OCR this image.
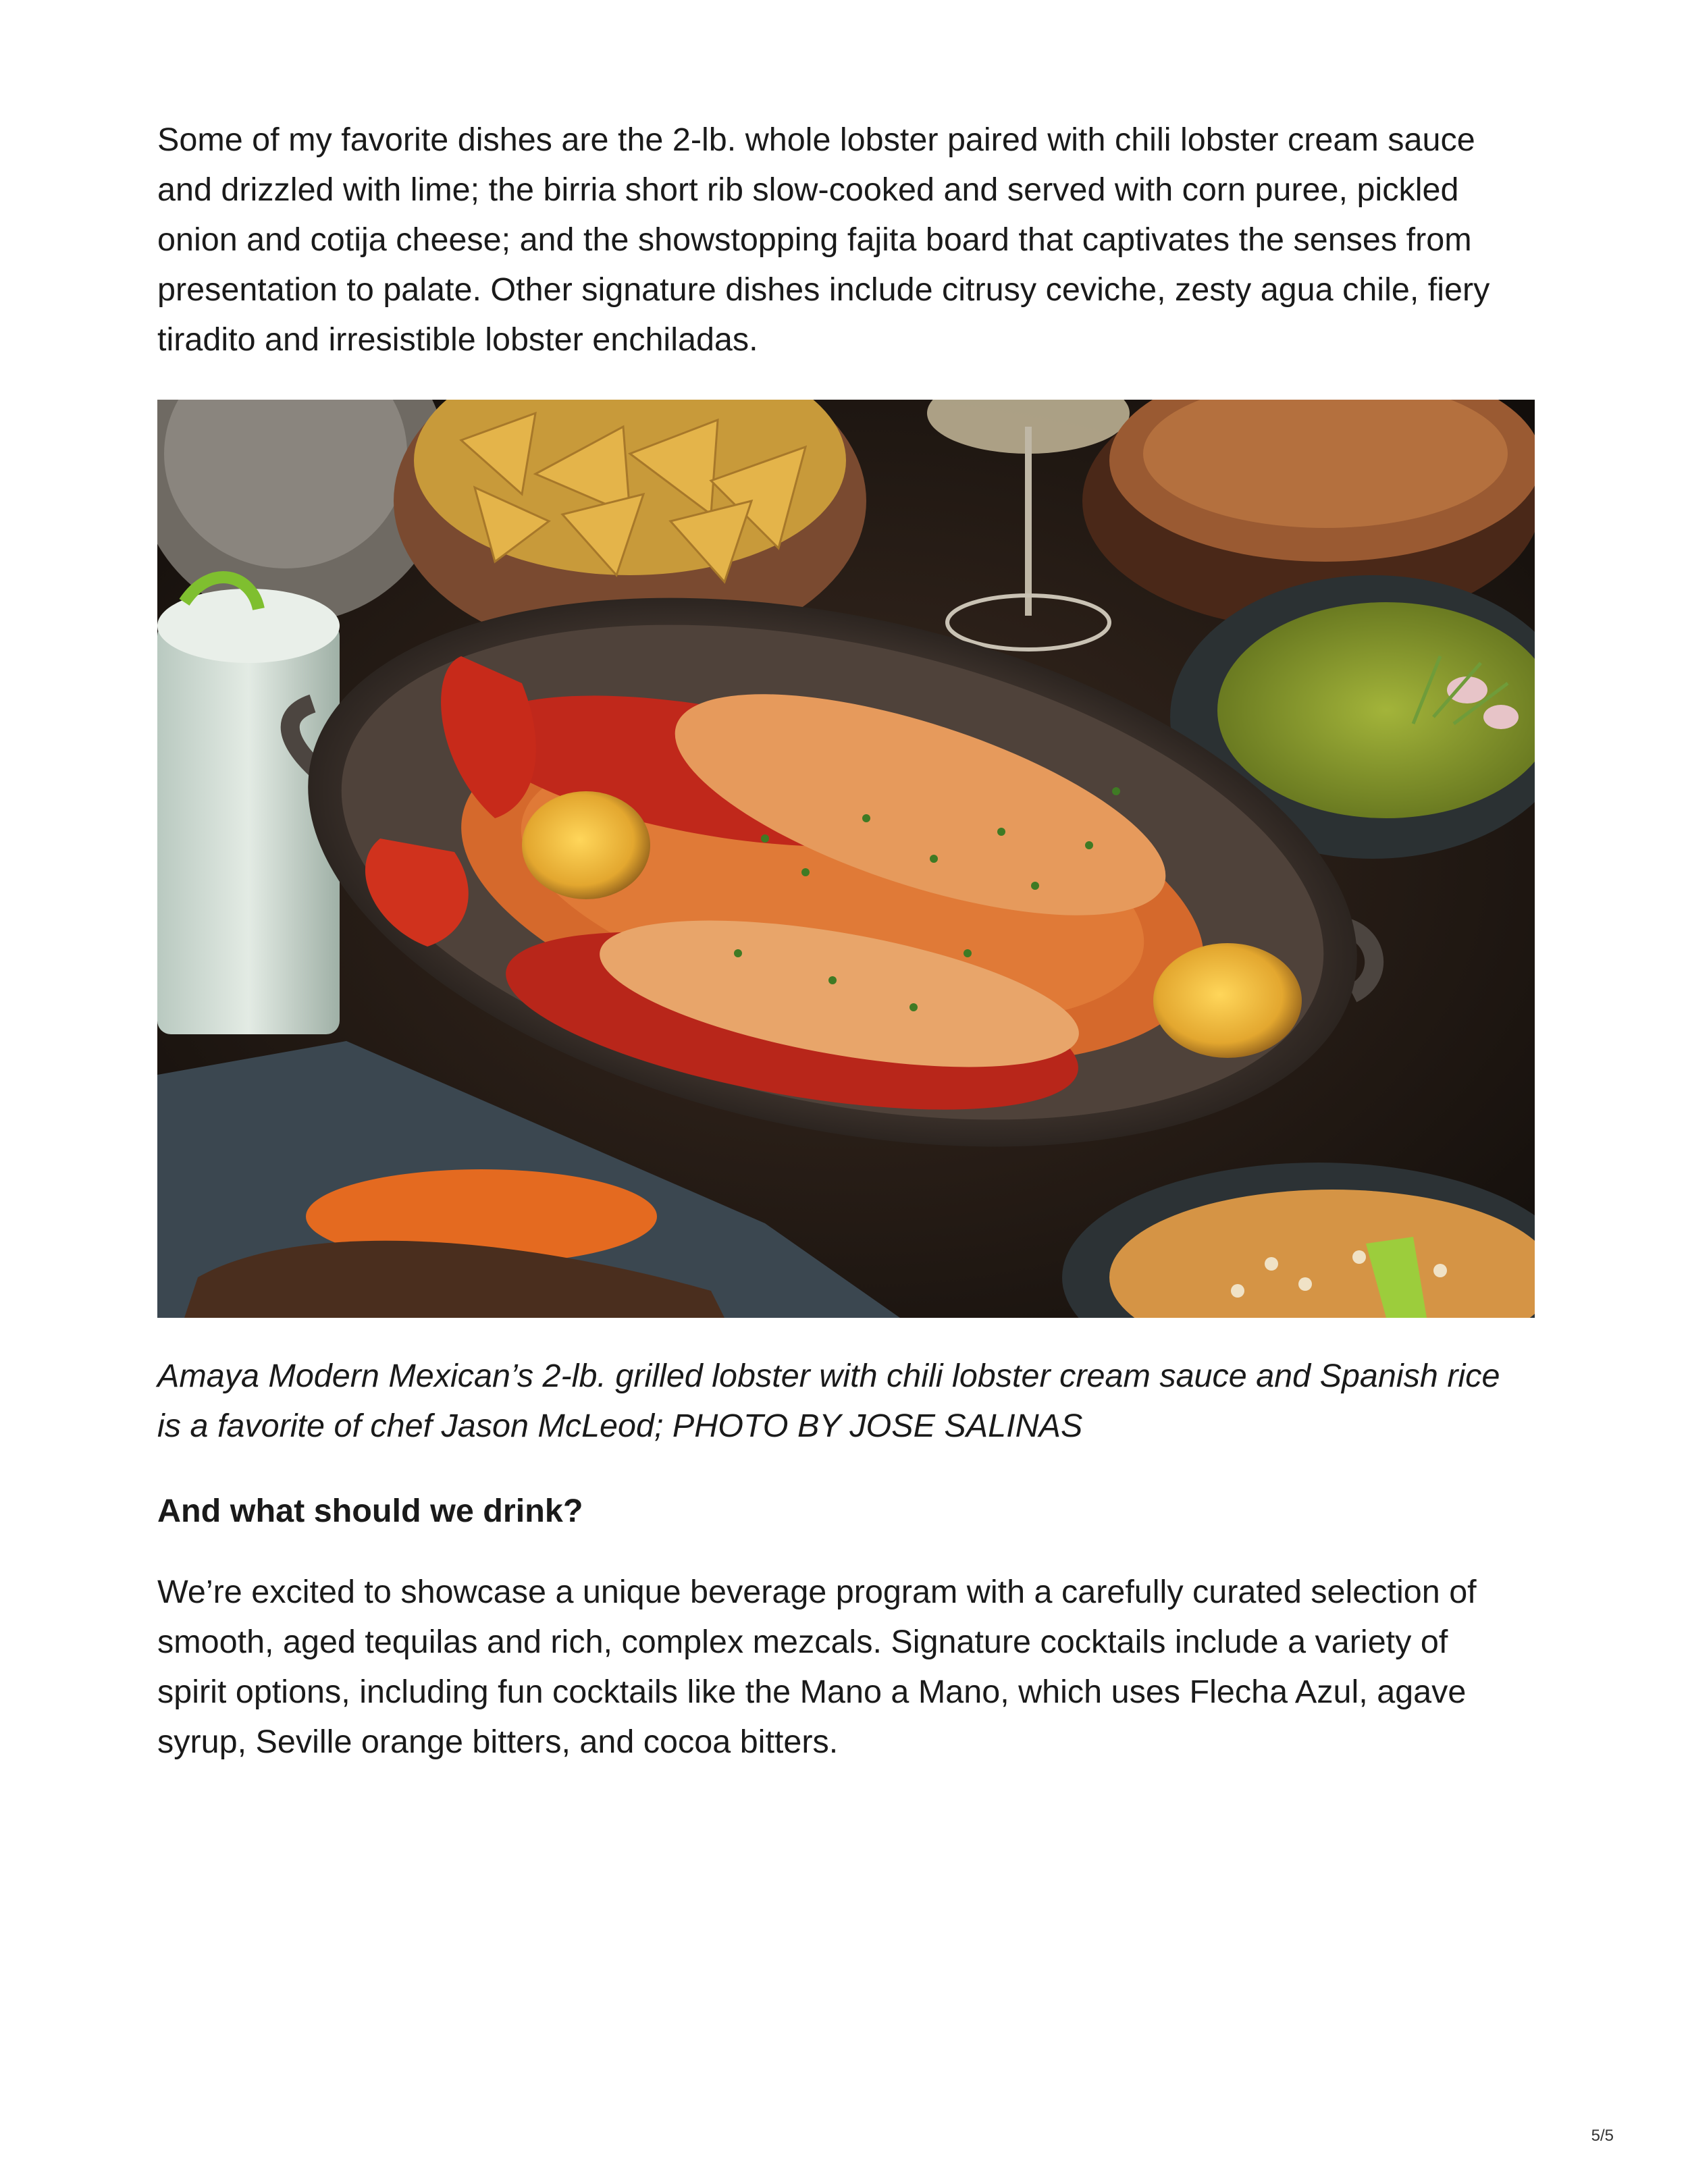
Some of my favorite dishes are the 2-lb. whole lobster paired with chili lobster cream sauce
and drizzled with lime; the birria short rib slow-cooked and served with corn puree, pickled
onion and cotija cheese; and the showstopping fajita board that captivates the senses from
presentation to palate. Other signature dishes include citrusy ceviche, zesty agua chile, fiery
tiradito and irresistible lobster enchiladas.

Amaya Modern Mexican’s 2-lb. grilled lobster with chili lobster cream sauce and Spanish rice
is a favorite of chef Jason McLeod; PHOTO BY JOSE SALINAS

And what should we drink?

We’re excited to showcase a unique beverage program with a carefully curated selection of
smooth, aged tequilas and rich, complex mezcals. Signature cocktails include a variety of
spirit options, including fun cocktails like the Mano a Mano, which uses Flecha Azul, agave
syrup, Seville orange bitters, and cocoa bitters.

5/5
